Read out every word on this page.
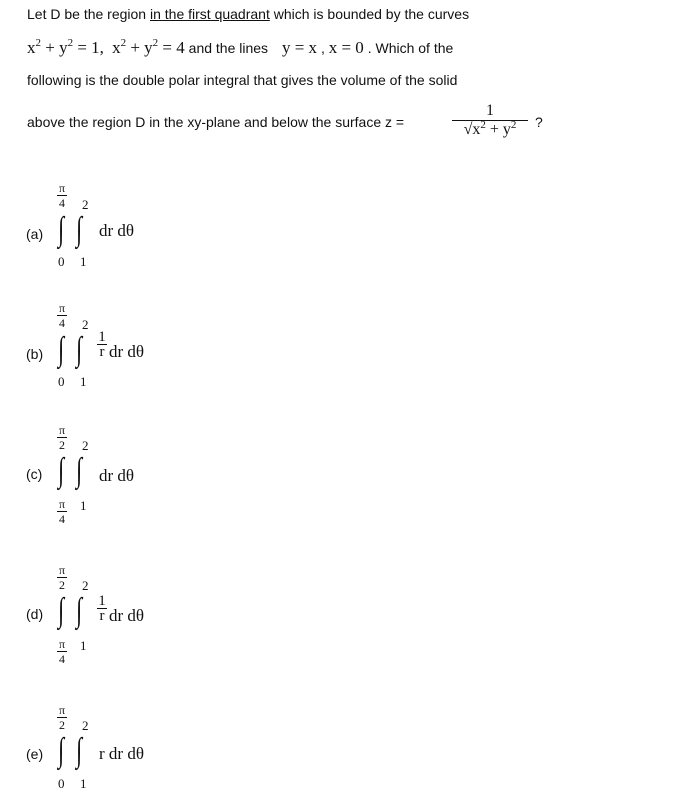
Let D be the region in the first quadrant which is bounded by the curves
$x^2 + y^2 = 1$,  $x^2 + y^2 = 4$ and the lines y = x , x = 0 . Which of the
following is the double polar integral that gives the volume of the solid
above the region D in the xy-plane and below the surface z =
1
$√x^2 + y^2$	?
(a)
π
4 2
∫ ∫
0 1
dr dθ
(b)
π
4 2
∫ ∫
0 1
1
r dr dθ
(c)
π
2 2
∫ ∫
π
4
1
dr dθ
(d)
π
2 2
∫ ∫
π
4
1
1
r dr dθ
(e)
π
2 2
∫ ∫
0 1
r dr dθ
